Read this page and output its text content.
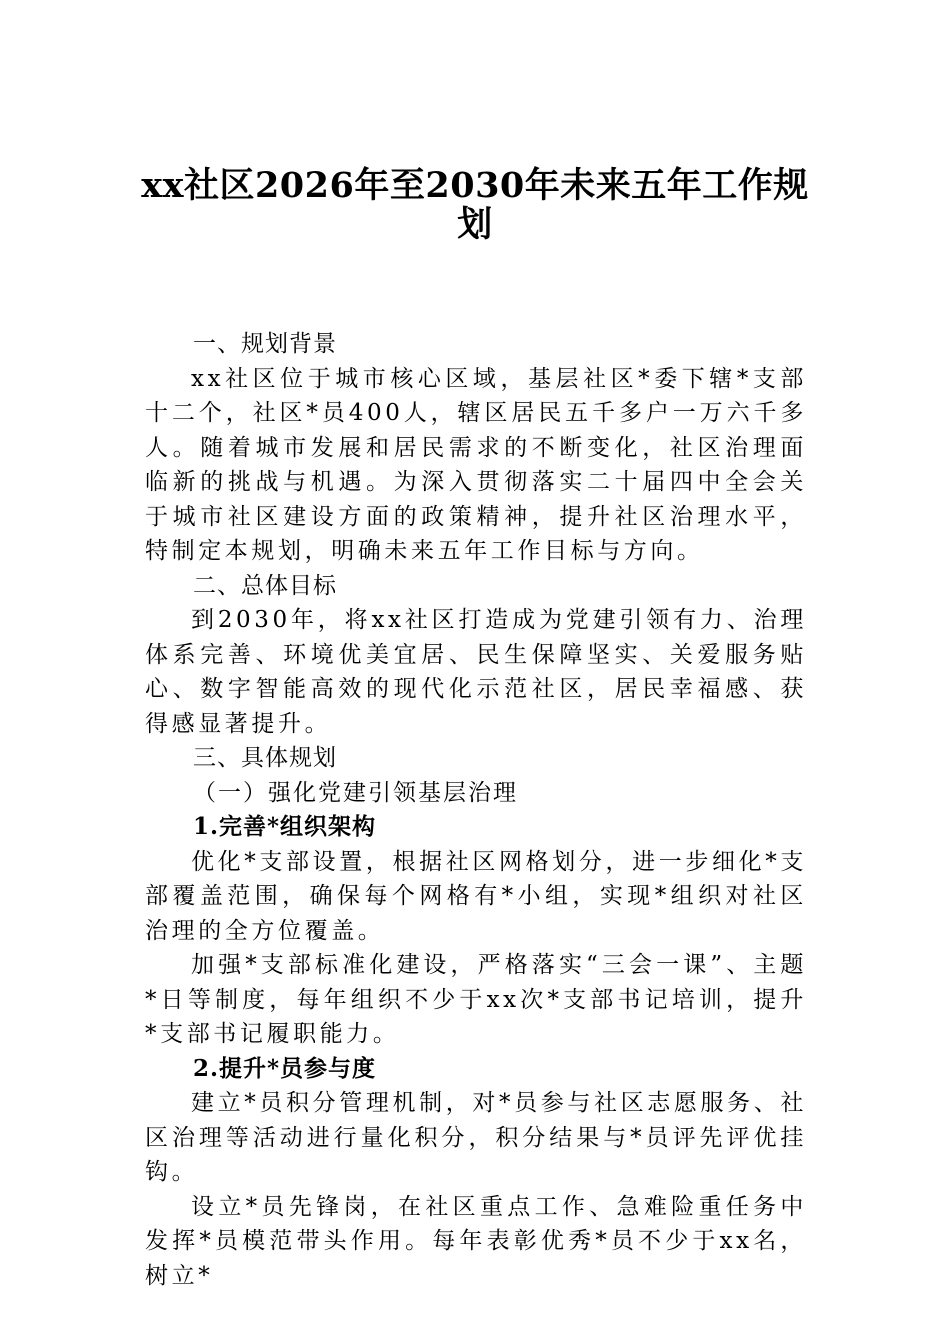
xx社区2026年至2030年未来五年工作规
划

一、规划背景

xx社区位于城市核心区域，基层社区*委下辖*支部十二个，社区*员400人，辖区居民五千多户一万六千多人。随着城市发展和居民需求的不断变化，社区治理面临新的挑战与机遇。为深入贯彻落实二十届四中全会关于城市社区建设方面的政策精神，提升社区治理水平，特制定本规划，明确未来五年工作目标与方向。

二、总体目标

到2030年，将xx社区打造成为党建引领有力、治理体系完善、环境优美宜居、民生保障坚实、关爱服务贴心、数字智能高效的现代化示范社区，居民幸福感、获得感显著提升。

三、具体规划

（一）强化党建引领基层治理

1.完善*组织架构

优化*支部设置，根据社区网格划分，进一步细化*支部覆盖范围，确保每个网格有*小组，实现*组织对社区治理的全方位覆盖。

加强*支部标准化建设，严格落实“三会一课”、主题*日等制度，每年组织不少于xx次*支部书记培训，提升*支部书记履职能力。

2.提升*员参与度

建立*员积分管理机制，对*员参与社区志愿服务、社区治理等活动进行量化积分，积分结果与*员评先评优挂钩。

设立*员先锋岗，在社区重点工作、急难险重任务中发挥*员模范带头作用。每年表彰优秀*员不少于xx名，树立*
